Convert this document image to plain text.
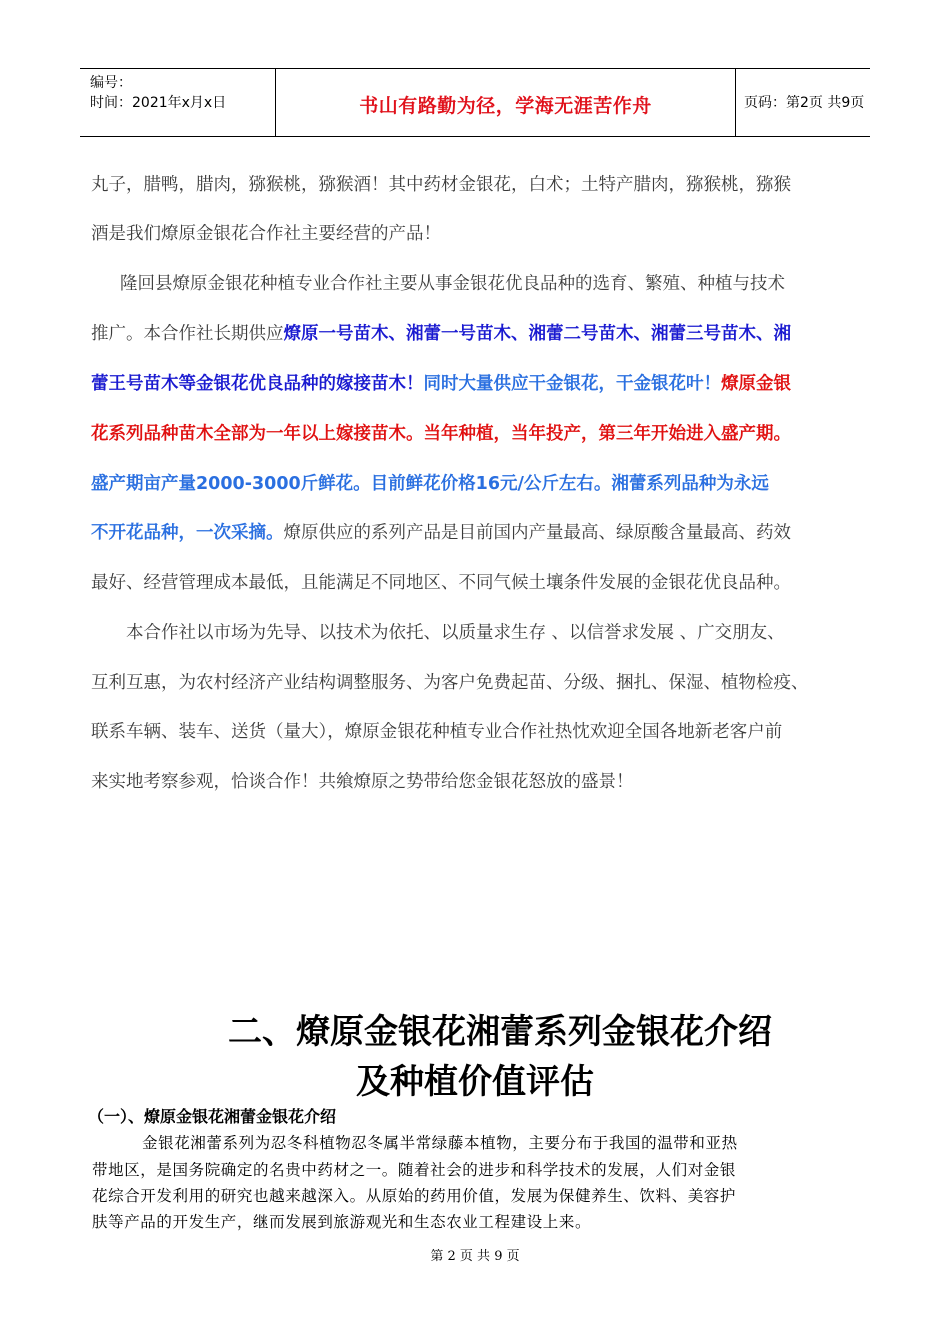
编号：
时间：2021年x月x日	书山有路勤为径，学海无涯苦作舟	页码：第2页 共9页
丸子，腊鸭，腊肉，猕猴桃，猕猴酒！其中药材金银花，白术；土特产腊肉，猕猴桃，猕猴
酒是我们燎原金银花合作社主要经营的产品！
隆回县燎原金银花种植专业合作社主要从事金银花优良品种的选育、繁殖、种植与技术
推广。本合作社长期供应燎原一号苗木、湘蕾一号苗木、湘蕾二号苗木、湘蕾三号苗木、湘
蕾王号苗木等金银花优良品种的嫁接苗木！同时大量供应干金银花，干金银花叶！燎原金银
花系列品种苗木全部为一年以上嫁接苗木。当年种植，当年投产，第三年开始进入盛产期。
盛产期亩产量2000-3000斤鲜花。目前鲜花价格16元/公斤左右。湘蕾系列品种为永远
不开花品种，一次采摘。燎原供应的系列产品是目前国内产量最高、绿原酸含量最高、药效
最好、经营管理成本最低，且能满足不同地区、不同气候土壤条件发展的金银花优良品种。
本合作社以市场为先导、以技术为依托、以质量求生存 、以信誉求发展 、广交朋友、
互利互惠，为农村经济产业结构调整服务、为客户免费起苗、分级、捆扎、保湿、植物检疫、
联系车辆、装车、送货（量大），燎原金银花种植专业合作社热忱欢迎全国各地新老客户前
来实地考察参观，恰谈合作！共飨燎原之势带给您金银花怒放的盛景！
二、燎原金银花湘蕾系列金银花介绍
及种植价值评估
（一）、燎原金银花湘蕾金银花介绍
金银花湘蕾系列为忍冬科植物忍冬属半常绿藤本植物，主要分布于我国的温带和亚热
带地区，是国务院确定的名贵中药材之一。随着社会的进步和科学技术的发展，人们对金银
花综合开发利用的研究也越来越深入。从原始的药用价值，发展为保健养生、饮料、美容护
肤等产品的开发生产，继而发展到旅游观光和生态农业工程建设上来。
第 2 页 共 9 页
